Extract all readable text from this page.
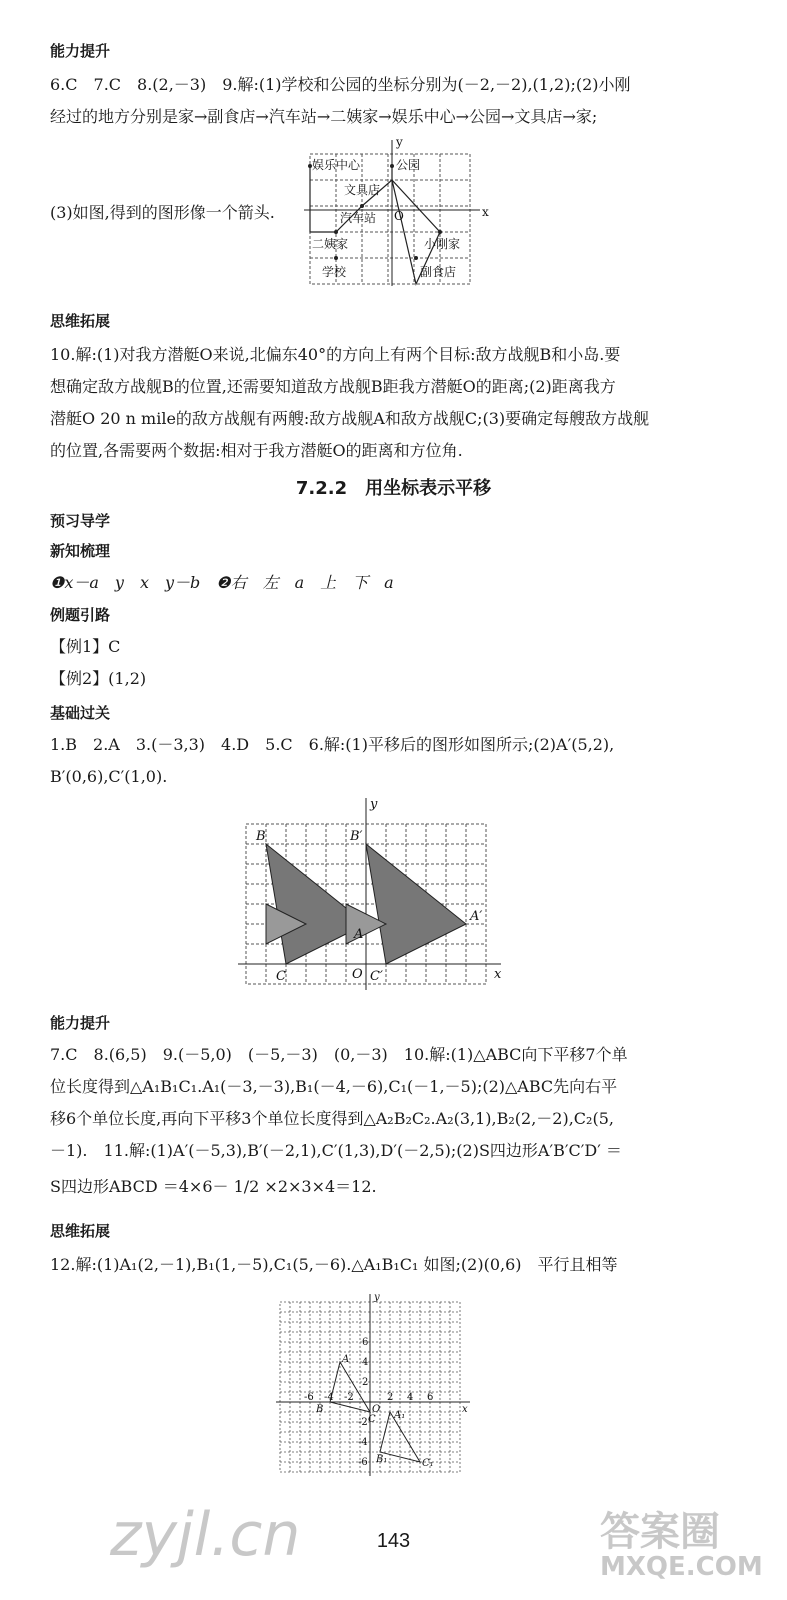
能力提升
6.C　7.C　8.(2,－3)　9.解:(1)学校和公园的坐标分别为(－2,－2),(1,2);(2)小刚
经过的地方分别是家→副食店→汽车站→二姨家→娱乐中心→公园→文具店→家;
娱乐中心	公园
文具店
汽车站 O
二姨家	小刚家
学校	副食店
x
y
(3)如图,得到的图形像一个箭头.
思维拓展
10.解:(1)对我方潜艇O来说,北偏东40°的方向上有两个目标:敌方战舰B和小岛.要
想确定敌方战舰B的位置,还需要知道敌方战舰B距我方潜艇O的距离;(2)距离我方
潜艇O 20 n mile的敌方战舰有两艘:敌方战舰A和敌方战舰C;(3)要确定每艘敌方战舰
的位置,各需要两个数据:相对于我方潜艇O的距离和方位角.
7.2.2　用坐标表示平移
预习导学
新知梳理
❶x－a　y　x　y－b　❷右　左　a　上　下　a
例题引路
【例1】C
【例2】(1,2)
基础过关
1.B　2.A　3.(－3,3)　4.D　5.C　6.解:(1)平移后的图形如图所示;(2)A′(5,2),
B′(0,6),C′(1,0).
B	B′
A
A′
C	C′
O	x
y
能力提升
7.C　8.(6,5)　9.(－5,0)　(－5,－3)　(0,－3)　10.解:(1)△ABC向下平移7个单
位长度得到△A₁B₁C₁.A₁(－3,－3),B₁(－4,－6),C₁(－1,－5);(2)△ABC先向右平
移6个单位长度,再向下平移3个单位长度得到△A₂B₂C₂.A₂(3,1),B₂(2,－2),C₂(5,
－1).　11.解:(1)A′(－5,3),B′(－2,1),C′(1,3),D′(－2,5);(2)S四边形A′B′C′D′ ＝
S四边形ABCD ＝4×6－ 1/2 ×2×3×4＝12.
思维拓展
12.解:(1)A₁(2,－1),B₁(1,－5),C₁(5,－6).△A₁B₁C₁ 如图;(2)(0,6)　平行且相等
A
B
C A₁
B₁	C₁
O	x
y
6
4
2
-2
-4
-6
-6 -4 -2	2 4 6
143
zyjl.cn	答案圈
MXQE.COM
